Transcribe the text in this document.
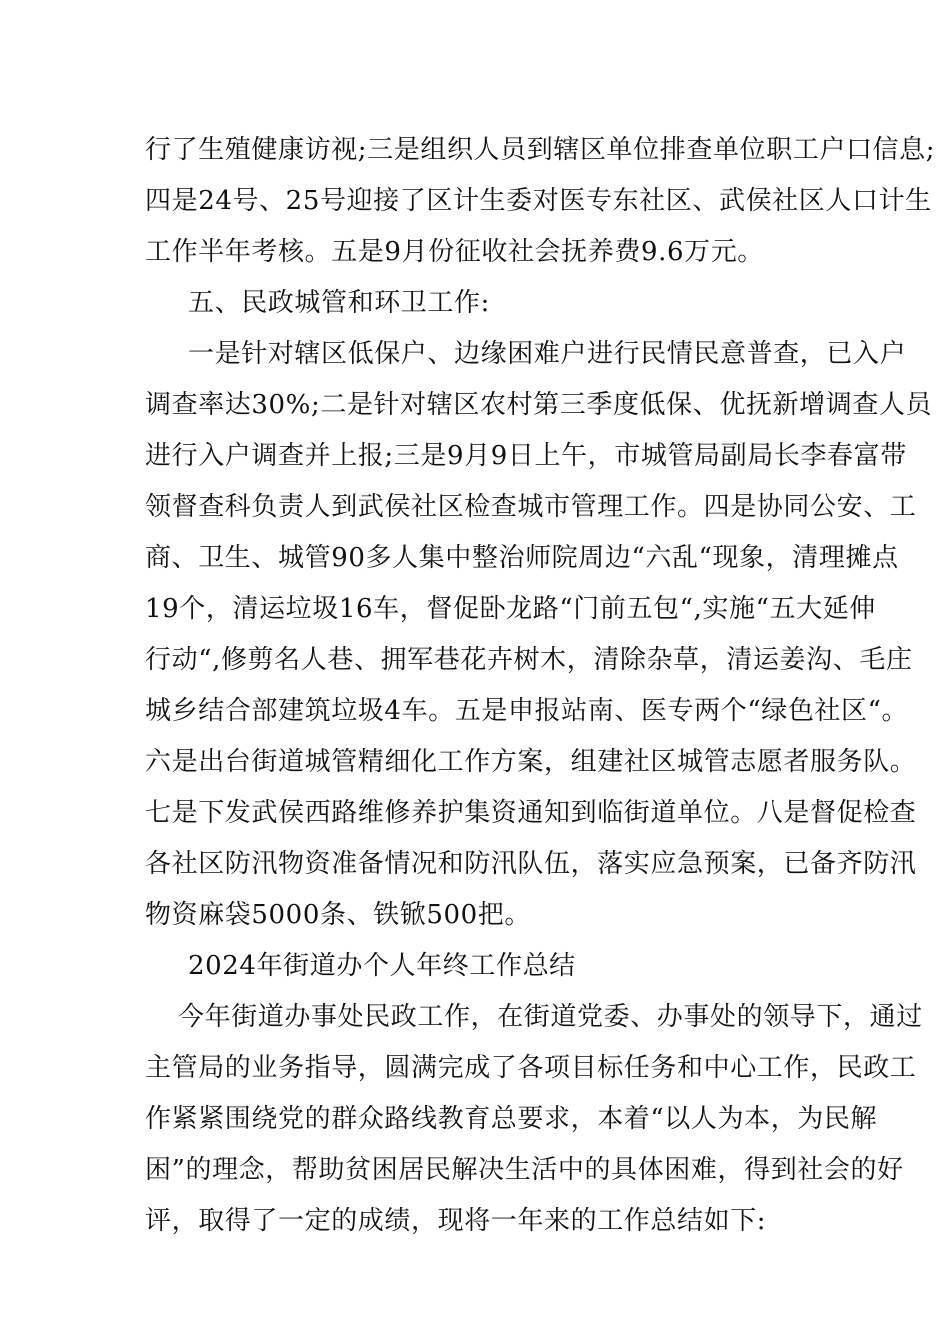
行了生殖健康访视;三是组织人员到辖区单位排查单位职工户口信息;
四是24号、25号迎接了区计生委对医专东社区、武侯社区人口计生
工作半年考核。五是9月份征收社会抚养费9.6万元。
五、民政城管和环卫工作:
一是针对辖区低保户、边缘困难户进行民情民意普查，已入户
调查率达30%;二是针对辖区农村第三季度低保、优抚新增调查人员
进行入户调查并上报;三是9月9日上午，市城管局副局长李春富带
领督查科负责人到武侯社区检查城市管理工作。四是协同公安、工
商、卫生、城管90多人集中整治师院周边“六乱“现象，清理摊点
19个，清运垃圾16车，督促卧龙路“门前五包“,实施“五大延伸
行动“,修剪名人巷、拥军巷花卉树木，清除杂草，清运姜沟、毛庄
城乡结合部建筑垃圾4车。五是申报站南、医专两个“绿色社区“。
六是出台街道城管精细化工作方案，组建社区城管志愿者服务队。
七是下发武侯西路维修养护集资通知到临街道单位。八是督促检查
各社区防汛物资准备情况和防汛队伍，落实应急预案，已备齐防汛
物资麻袋5000条、铁锨500把。
2024年街道办个人年终工作总结
今年街道办事处民政工作，在街道党委、办事处的领导下，通过
主管局的业务指导，圆满完成了各项目标任务和中心工作，民政工
作紧紧围绕党的群众路线教育总要求，本着“以人为本，为民解
困”的理念，帮助贫困居民解决生活中的具体困难，得到社会的好
评，取得了一定的成绩，现将一年来的工作总结如下:
